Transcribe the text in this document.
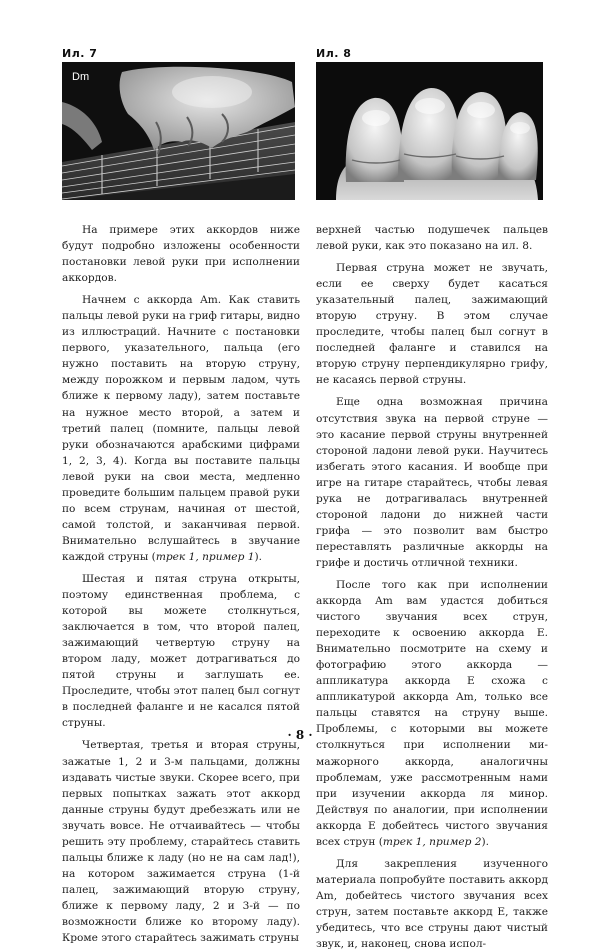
Ил. 7	Ил. 8
Dm

На примере этих аккордов ниже будут подробно изложены особенности постановки левой руки при исполнении аккордов.

Начнем с аккорда Am. Как ставить пальцы левой руки на гриф гитары, видно из иллюстраций. Начните с постановки первого, указательного, пальца (его нужно поставить на вторую струну, между порожком и первым ладом, чуть ближе к первому ладу), затем поставьте на нужное место второй, а затем и третий палец (помните, пальцы левой руки обозначаются арабскими цифрами 1, 2, 3, 4). Когда вы поставите пальцы левой руки на свои места, медленно проведите большим пальцем правой руки по всем струнам, начиная от шестой, самой толстой, и заканчивая первой. Внимательно вслушайтесь в звучание каждой струны (трек 1, пример 1).

Шестая и пятая струна открыты, поэтому единственная проблема, с которой вы можете столкнуться, заключается в том, что второй палец, зажимающий четвертую струну на втором ладу, может дотрагиваться до пятой струны и заглушать ее. Проследите, чтобы этот палец был согнут в последней фаланге и не касался пятой струны.

Четвертая, третья и вторая струны, зажатые 1, 2 и 3-м пальцами, должны издавать чистые звуки. Скорее всего, при первых попытках зажать этот аккорд данные струны будут дребезжать или не звучать вовсе. Не отчаивайтесь — чтобы решить эту проблему, старайтесь ставить пальцы ближе к ладу (но не на сам лад!), на котором зажимается струна (1-й палец, зажимающий вторую струну, ближе к первому ладу, 2 и 3-й — по возможности ближе ко второму ладу). Кроме этого старайтесь зажимать струны

верхней частью подушечек пальцев левой руки, как это показано на ил. 8.

Первая струна может не звучать, если ее сверху будет касаться указательный палец, зажимающий вторую струну. В этом случае проследите, чтобы палец был согнут в последней фаланге и ставился на вторую струну перпендикулярно грифу, не касаясь первой струны.

Еще одна возможная причина отсутствия звука на первой струне — это касание первой струны внутренней стороной ладони левой руки. Научитесь избегать этого касания. И вообще при игре на гитаре старайтесь, чтобы левая рука не дотрагивалась внутренней стороной ладони до нижней части грифа — это позволит вам быстро переставлять различные аккорды на грифе и достичь отличной техники.

После того как при исполнении аккорда Am вам удастся добиться чистого звучания всех струн, переходите к освоению аккорда E. Внимательно посмотрите на схему и фотографию этого аккорда — аппликатура аккорда E схожа с аппликатурой аккорда Am, только все пальцы ставятся на струну выше. Проблемы, с которыми вы можете столкнуться при исполнении ми-мажорного аккорда, аналогичны проблемам, уже рассмотренным нами при изучении аккорда ля минор. Действуя по аналогии, при исполнении аккорда E добейтесь чистого звучания всех струн (трек 1, пример 2).

Для закрепления изученного материала попробуйте поставить аккорд Am, добейтесь чистого звучания всех струн, затем поставьте аккорд E, также убедитесь, что все струны дают чистый звук, и, наконец, снова испол-

· 8 ·
